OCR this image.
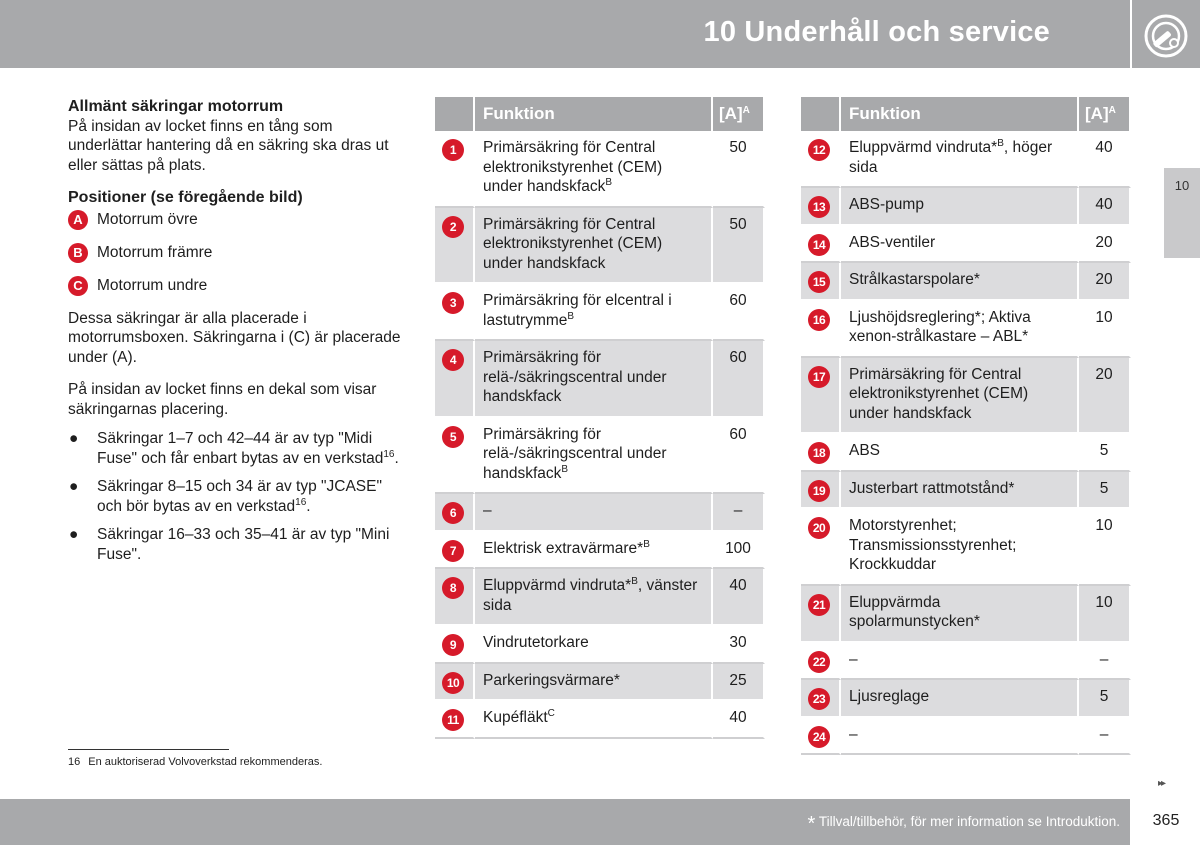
10 Underhåll och service
10
Allmänt säkringar motorrum

På insidan av locket finns en tång som underlättar hantering då en säkring ska dras ut eller sättas på plats.

Positioner (se föregående bild)
A Motorrum övre
B Motorrum främre
C Motorrum undre

Dessa säkringar är alla placerade i motorrumsboxen. Säkringarna i (C) är placerade under (A).

På insidan av locket finns en dekal som visar säkringarnas placering.

● Säkringar 1–7 och 42–44 är av typ "Midi Fuse" och får enbart bytas av en verkstad$^{16}$.
● Säkringar 8–15 och 34 är av typ "JCASE" och bör bytas av en verkstad$^{16}$.
● Säkringar 16–33 och 35–41 är av typ "Mini Fuse".
	Funktion	$[A]^A$
1	Primärsäkring för Central elektronikstyrenhet (CEM) under handskfack$^B$	50
2	Primärsäkring för Central elektronikstyrenhet (CEM) under handskfack	50
3	Primärsäkring för elcentral i lastutrymme$^B$	60
4	Primärsäkring för relä-/säkringscentral under handskfack	60
5	Primärsäkring för relä-/säkringscentral under handskfack$^B$	60
6	–	–
7	Elektrisk extravärmare*$^B$	100
8	Eluppvärmd vindruta*$^B$, vänster sida	40
9	Vindrutetorkare	30
10	Parkeringsvärmare*	25
11	Kupéfläkt$^C$	40
	Funktion	$[A]^A$
12	Eluppvärmd vindruta*$^B$, höger sida	40
13	ABS-pump	40
14	ABS-ventiler	20
15	Strålkastarspolare*	20
16	Ljushöjdsreglering*; Aktiva xenon-strålkastare – ABL*	10
17	Primärsäkring för Central elektronikstyrenhet (CEM) under handskfack	20
18	ABS	5
19	Justerbart rattmotstånd*	5
20	Motorstyrenhet; Transmissionsstyrenhet; Krockkuddar	10
21	Eluppvärmda spolarmunstycken*	10
22	–	–
23	Ljusreglage	5
24	–	–
16 En auktoriserad Volvoverkstad rekommenderas.
▸▸
* Tillval/tillbehör, för mer information se Introduktion.	365
